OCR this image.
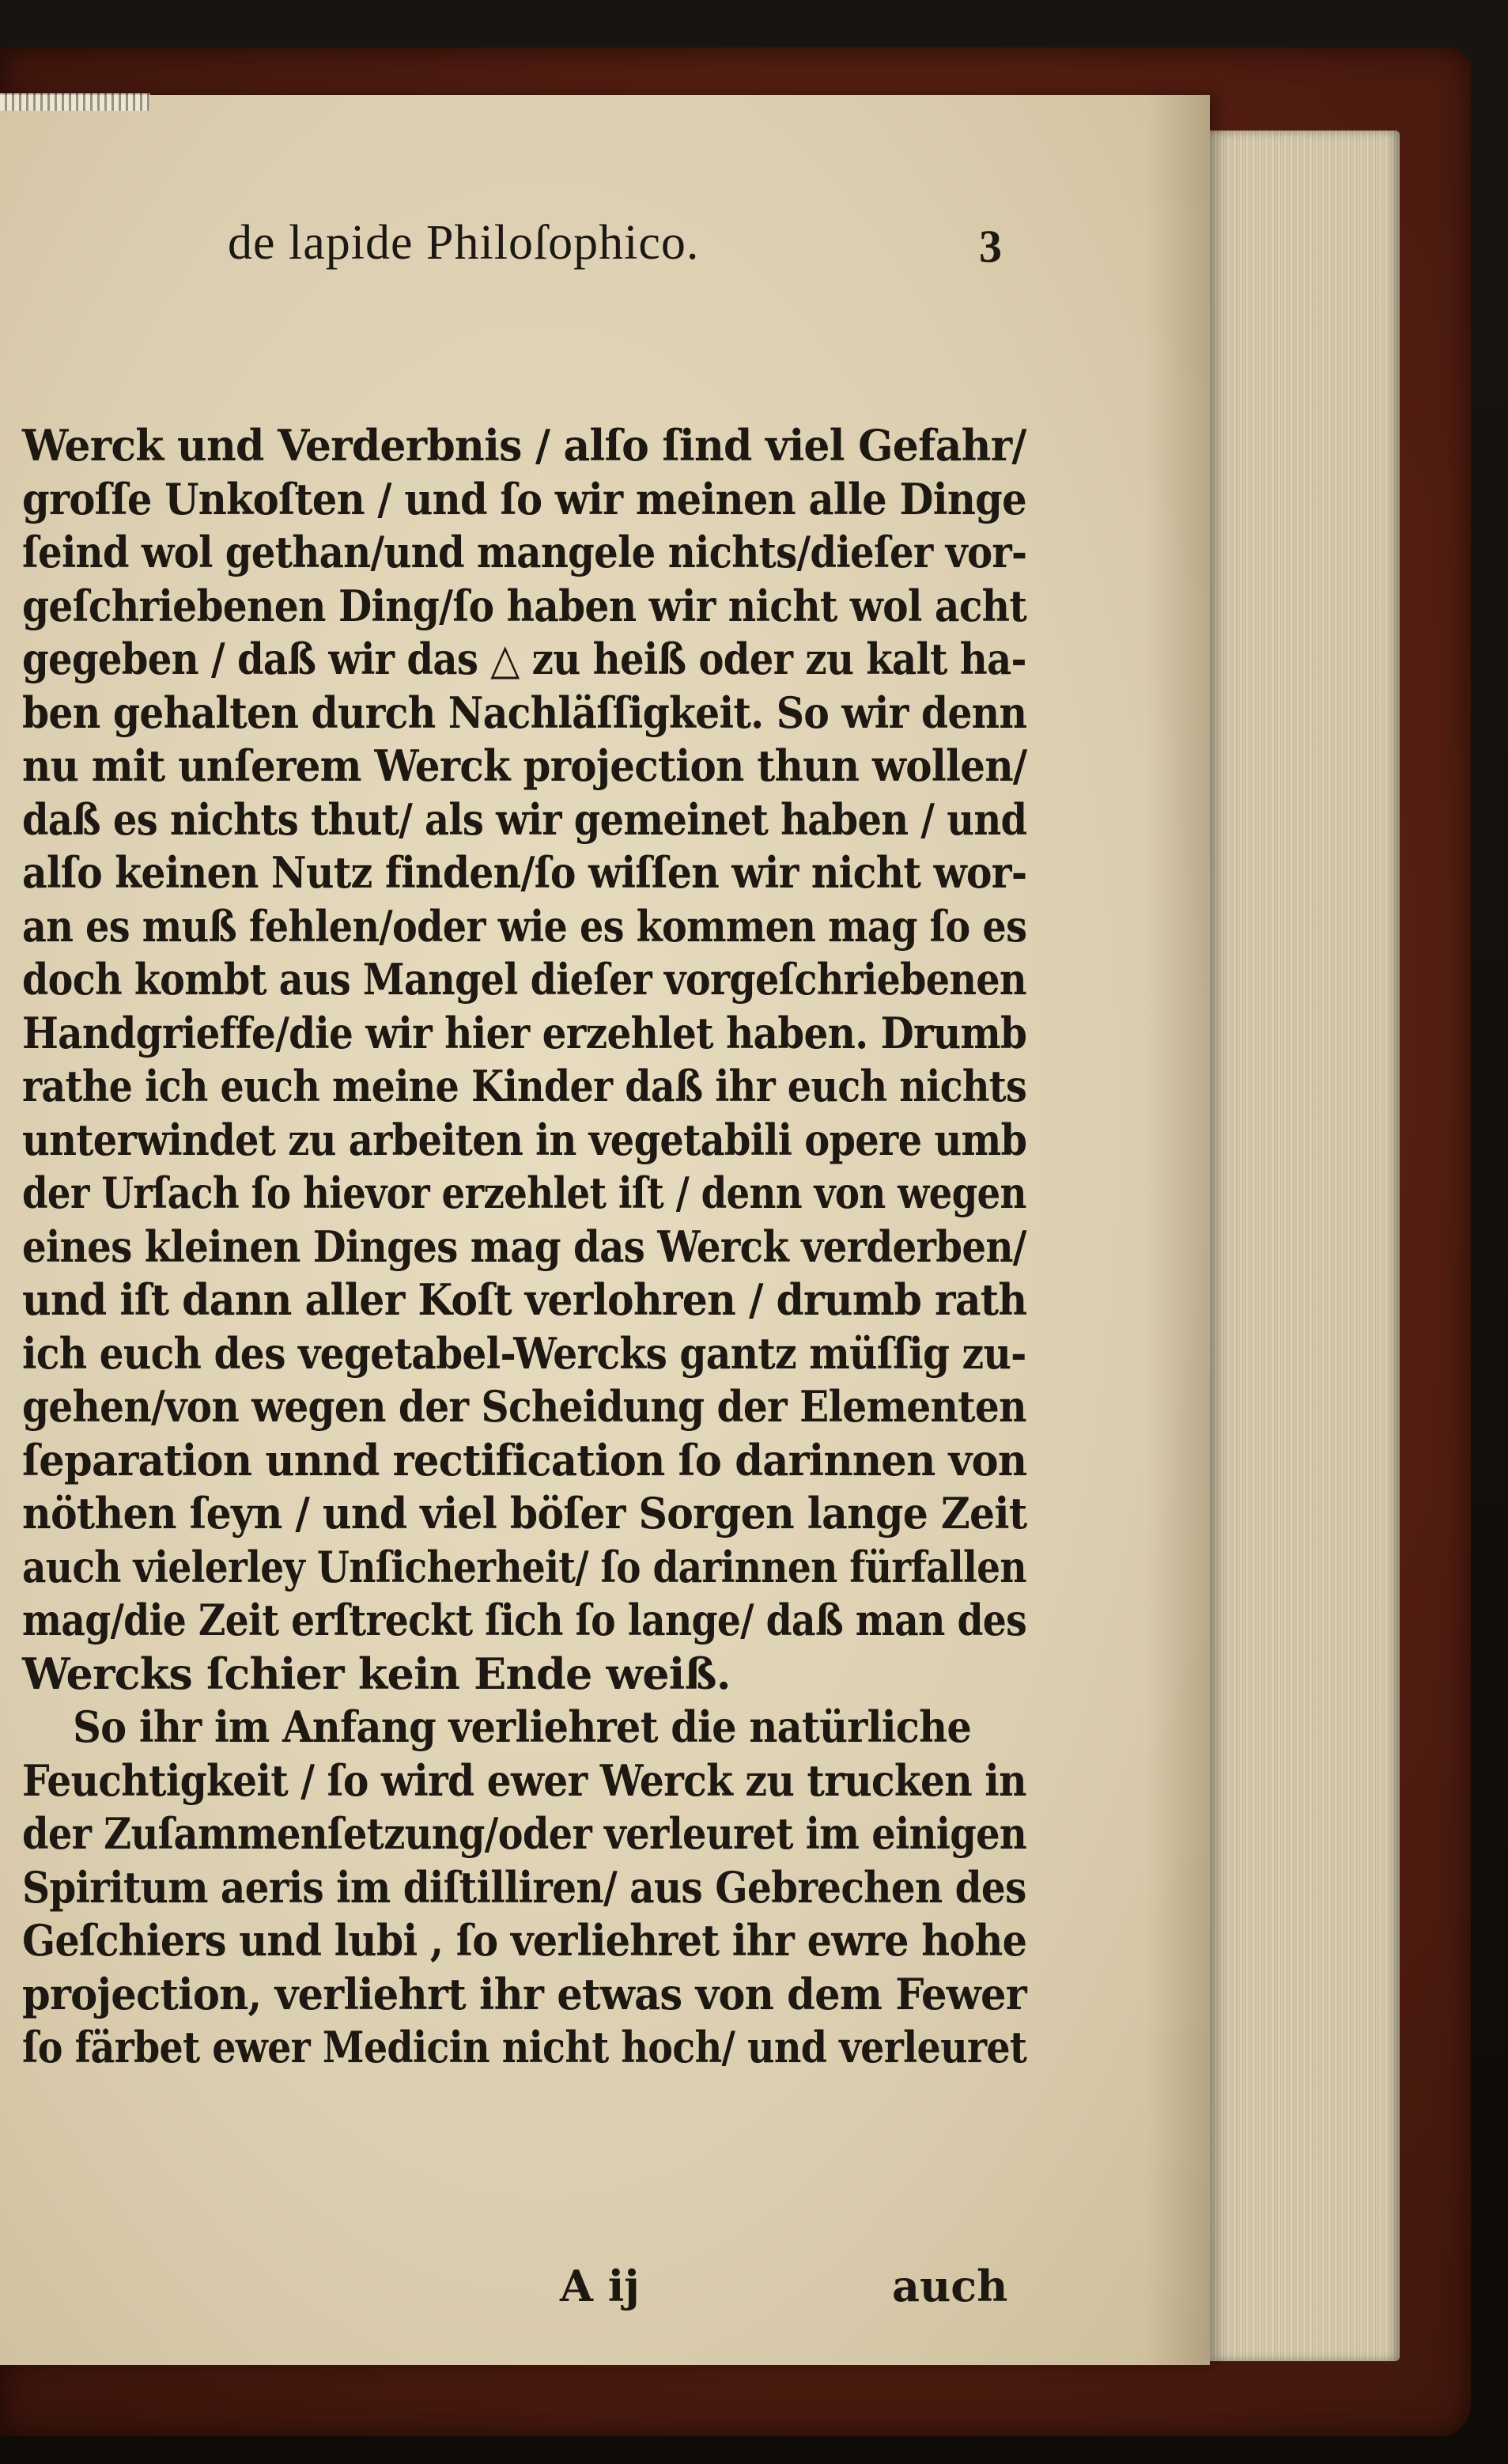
de lapide Philoſophico.	3
Werck und Verderbnis / alſo ſind viel Gefahr/
groſſe Unkoſten / und ſo wir meinen alle Dinge
ſeind wol gethan/und mangele nichts/dieſer vor-
geſchriebenen Ding/ſo haben wir nicht wol acht
gegeben / daß wir das △ zu heiß oder zu kalt ha-
ben gehalten durch Nachläſſigkeit. So wir denn
nu mit unſerem Werck projection thun wollen/
daß es nichts thut/ als wir gemeinet haben / und
alſo keinen Nutz finden/ſo wiſſen wir nicht wor-
an es muß fehlen/oder wie es kommen mag ſo es
doch kombt aus Mangel dieſer vorgeſchriebenen
Handgrieffe/die wir hier erzehlet haben. Drumb
rathe ich euch meine Kinder daß ihr euch nichts
unterwindet zu arbeiten in vegetabili opere umb
der Urſach ſo hievor erzehlet iſt / denn von wegen
eines kleinen Dinges mag das Werck verderben/
und iſt dann aller Koſt verlohren / drumb rath
ich euch des vegetabel-Wercks gantz müſſig zu-
gehen/von wegen der Scheidung der Elementen
ſeparation unnd rectification ſo darinnen von
nöthen ſeyn / und viel böſer Sorgen lange Zeit
auch vielerley Unſicherheit/ ſo darinnen fürfallen
mag/die Zeit erſtreckt ſich ſo lange/ daß man des
Wercks ſchier kein Ende weiß.
So ihr im Anfang verliehret die natürliche
Feuchtigkeit / ſo wird ewer Werck zu trucken in
der Zuſammenſetzung/oder verleuret im einigen
Spiritum aeris im diſtilliren/ aus Gebrechen des
Geſchiers und lubi , ſo verliehret ihr ewre hohe
projection, verliehrt ihr etwas von dem Fewer
ſo färbet ewer Medicin nicht hoch/ und verleuret
A ij	auch
